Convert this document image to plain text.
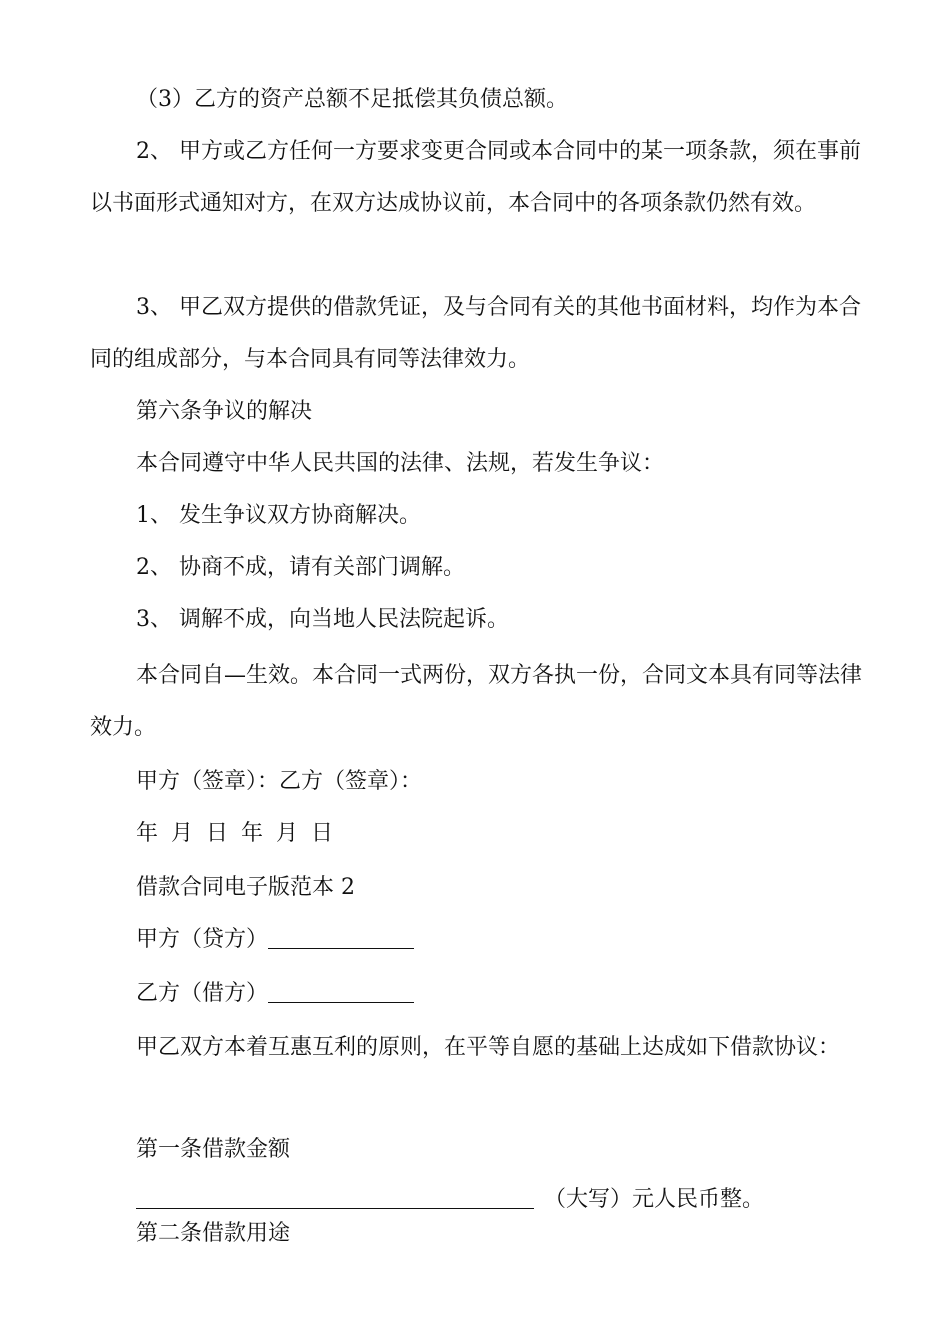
（3）乙方的资产总额不足抵偿其负债总额。

2、 甲方或乙方任何一方要求变更合同或本合同中的某一项条款，须在事前以书面形式通知对方，在双方达成协议前，本合同中的各项条款仍然有效。

3、 甲乙双方提供的借款凭证，及与合同有关的其他书面材料，均作为本合同的组成部分，与本合同具有同等法律效力。

第六条争议的解决

本合同遵守中华人民共国的法律、法规，若发生争议：

1、 发生争议双方协商解决。

2、 协商不成，请有关部门调解。

3、 调解不成，向当地人民法院起诉。

本合同自—生效。本合同一式两份，双方各执一份，合同文本具有同等法律效力。

甲方（签章）：乙方（签章）：

年 月 日 年 月 日

借款合同电子版范本 2

甲方（贷方）

乙方（借方）

甲乙双方本着互惠互利的原则，在平等自愿的基础上达成如下借款协议：

第一条借款金额

（大写）元人民币整。

第二条借款用途
